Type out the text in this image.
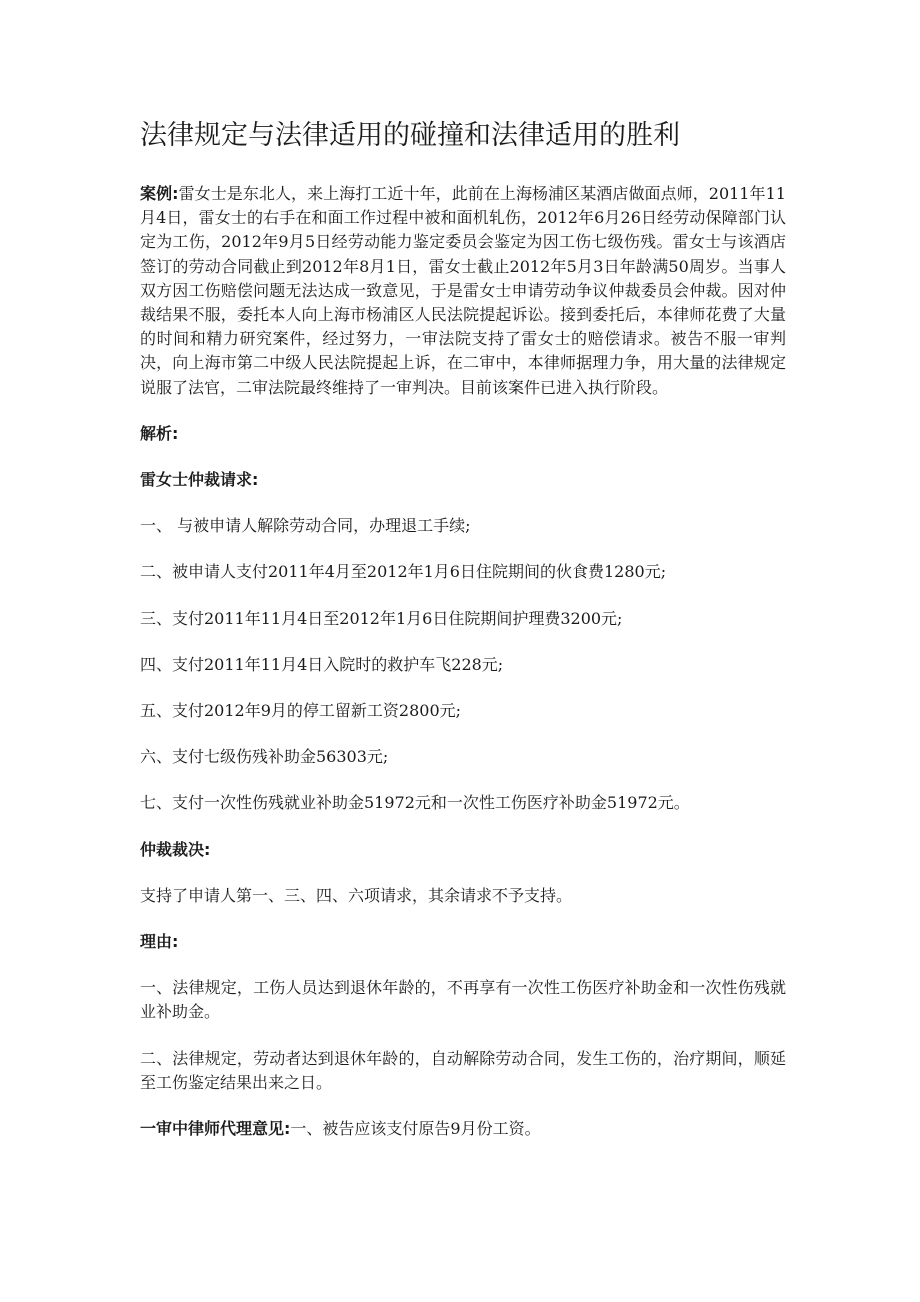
法律规定与法律适用的碰撞和法律适用的胜利

案例:雷女士是东北人，来上海打工近十年，此前在上海杨浦区某酒店做面点师，2011年11月4日，雷女士的右手在和面工作过程中被和面机轧伤，2012年6月26日经劳动保障部门认定为工伤，2012年9月5日经劳动能力鉴定委员会鉴定为因工伤七级伤残。雷女士与该酒店签订的劳动合同截止到2012年8月1日，雷女士截止2012年5月3日年龄满50周岁。当事人双方因工伤赔偿问题无法达成一致意见，于是雷女士申请劳动争议仲裁委员会仲裁。因对仲裁结果不服，委托本人向上海市杨浦区人民法院提起诉讼。接到委托后，本律师花费了大量的时间和精力研究案件，经过努力，一审法院支持了雷女士的赔偿请求。被告不服一审判决，向上海市第二中级人民法院提起上诉，在二审中，本律师据理力争，用大量的法律规定说服了法官，二审法院最终维持了一审判决。目前该案件已进入执行阶段。

解析:

雷女士仲裁请求:

一、 与被申请人解除劳动合同，办理退工手续;

二、被申请人支付2011年4月至2012年1月6日住院期间的伙食费1280元;

三、支付2011年11月4日至2012年1月6日住院期间护理费3200元;

四、支付2011年11月4日入院时的救护车飞228元;

五、支付2012年9月的停工留新工资2800元;

六、支付七级伤残补助金56303元;

七、支付一次性伤残就业补助金51972元和一次性工伤医疗补助金51972元。

仲裁裁决:

支持了申请人第一、三、四、六项请求，其余请求不予支持。

理由:

一、法律规定，工伤人员达到退休年龄的，不再享有一次性工伤医疗补助金和一次性伤残就业补助金。

二、法律规定，劳动者达到退休年龄的，自动解除劳动合同，发生工伤的，治疗期间，顺延至工伤鉴定结果出来之日。

一审中律师代理意见:一、被告应该支付原告9月份工资。
